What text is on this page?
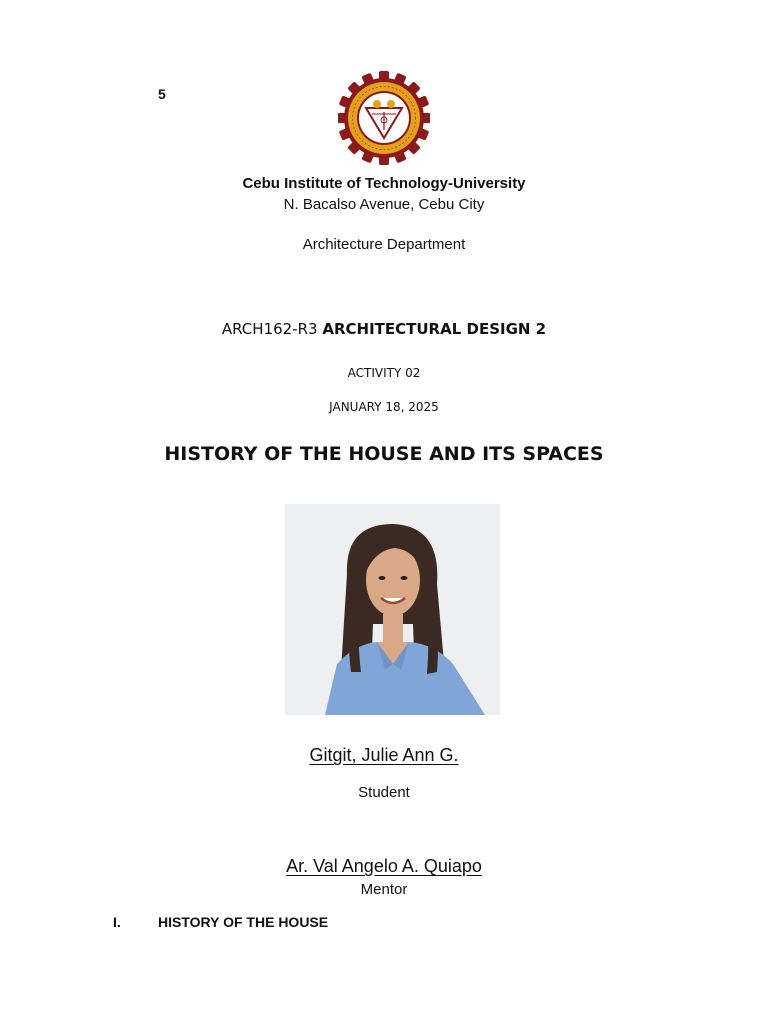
5
Cebu Institute of Technology-University
N. Bacalso Avenue, Cebu City
Architecture Department
ARCH162-R3 ARCHITECTURAL DESIGN 2
ACTIVITY 02
JANUARY 18, 2025
HISTORY OF THE HOUSE AND ITS SPACES
Gitgit, Julie Ann G.
Student
Ar. Val Angelo A. Quiapo
Mentor
I.	HISTORY OF THE HOUSE
